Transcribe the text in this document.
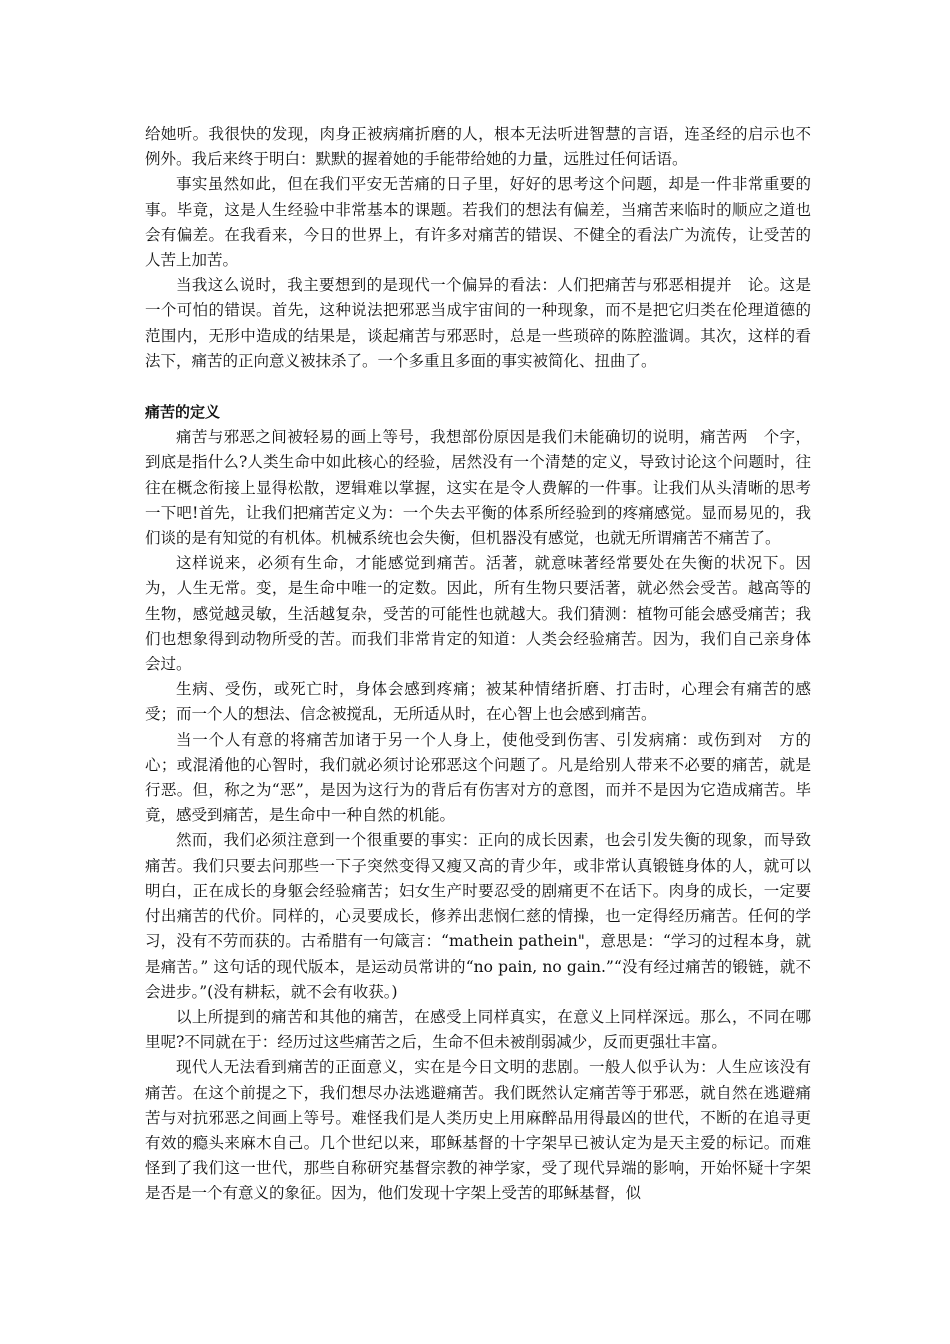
给她听。我很快的发现，肉身正被病痛折磨的人，根本无法听进智慧的言语，连圣经的启示也不例外。我后来终于明白：默默的握着她的手能带给她的力量，远胜过任何话语。

事实虽然如此，但在我们平安无苦痛的日子里，好好的思考这个问题，却是一件非常重要的事。毕竟，这是人生经验中非常基本的课题。若我们的想法有偏差，当痛苦来临时的顺应之道也会有偏差。在我看来，今日的世界上，有许多对痛苦的错误、不健全的看法广为流传，让受苦的人苦上加苦。

当我这么说时，我主要想到的是现代一个偏异的看法：人们把痛苦与邪恶相提并　论。这是一个可怕的错误。首先，这种说法把邪恶当成宇宙间的一种现象，而不是把它归类在伦理道德的范围内，无形中造成的结果是，谈起痛苦与邪恶时，总是一些琐碎的陈腔滥调。其次，这样的看法下，痛苦的正向意义被抹杀了。一个多重且多面的事实被简化、扭曲了。

痛苦的定义

痛苦与邪恶之间被轻易的画上等号，我想部份原因是我们未能确切的说明，痛苦两　个字，到底是指什么?人类生命中如此核心的经验，居然没有一个清楚的定义，导致讨论这个问题时，往往在概念衔接上显得松散，逻辑难以掌握，这实在是令人费解的一件事。让我们从头清晰的思考一下吧!首先，让我们把痛苦定义为：一个失去平衡的体系所经验到的疼痛感觉。显而易见的，我们谈的是有知觉的有机体。机械系统也会失衡，但机器没有感觉，也就无所谓痛苦不痛苦了。

这样说来，必须有生命，才能感觉到痛苦。活著，就意味著经常要处在失衡的状况下。因为，人生无常。变，是生命中唯一的定数。因此，所有生物只要活著，就必然会受苦。越高等的生物，感觉越灵敏，生活越复杂，受苦的可能性也就越大。我们猜测：植物可能会感受痛苦；我们也想象得到动物所受的苦。而我们非常肯定的知道：人类会经验痛苦。因为，我们自己亲身体会过。

生病、受伤，或死亡时，身体会感到疼痛；被某种情绪折磨、打击时，心理会有痛苦的感受；而一个人的想法、信念被搅乱，无所适从时，在心智上也会感到痛苦。

当一个人有意的将痛苦加诸于另一个人身上，使他受到伤害、引发病痛：或伤到对　方的心；或混淆他的心智时，我们就必须讨论邪恶这个问题了。凡是给别人带来不必要的痛苦，就是行恶。但，称之为“恶”，是因为这行为的背后有伤害对方的意图，而并不是因为它造成痛苦。毕竟，感受到痛苦，是生命中一种自然的机能。

然而，我们必须注意到一个很重要的事实：正向的成长因素，也会引发失衡的现象，而导致痛苦。我们只要去问那些一下子突然变得又瘦又高的青少年，或非常认真锻链身体的人，就可以明白，正在成长的身躯会经验痛苦；妇女生产时要忍受的剧痛更不在话下。肉身的成长，一定要付出痛苦的代价。同样的，心灵要成长，修养出悲悯仁慈的情操，也一定得经历痛苦。任何的学习，没有不劳而获的。古希腊有一句箴言：“mathein pathein"，意思是：“学习的过程本身，就是痛苦。” 这句话的现代版本，是运动员常讲的“no pain, no gain.”“没有经过痛苦的锻链，就不会进步。”(没有耕耘，就不会有收获。)

以上所提到的痛苦和其他的痛苦，在感受上同样真实，在意义上同样深远。那么，不同在哪里呢?不同就在于：经历过这些痛苦之后，生命不但未被削弱减少，反而更强壮丰富。

现代人无法看到痛苦的正面意义，实在是今日文明的悲剧。一般人似乎认为：人生应该没有痛苦。在这个前提之下，我们想尽办法逃避痛苦。我们既然认定痛苦等于邪恶，就自然在逃避痛苦与对抗邪恶之间画上等号。难怪我们是人类历史上用麻醉品用得最凶的世代，不断的在追寻更有效的瘾头来麻木自己。几个世纪以来，耶稣基督的十字架早已被认定为是天主爱的标记。而难怪到了我们这一世代，那些自称研究基督宗教的神学家，受了现代异端的影响，开始怀疑十字架是否是一个有意义的象征。因为，他们发现十字架上受苦的耶稣基督，似
